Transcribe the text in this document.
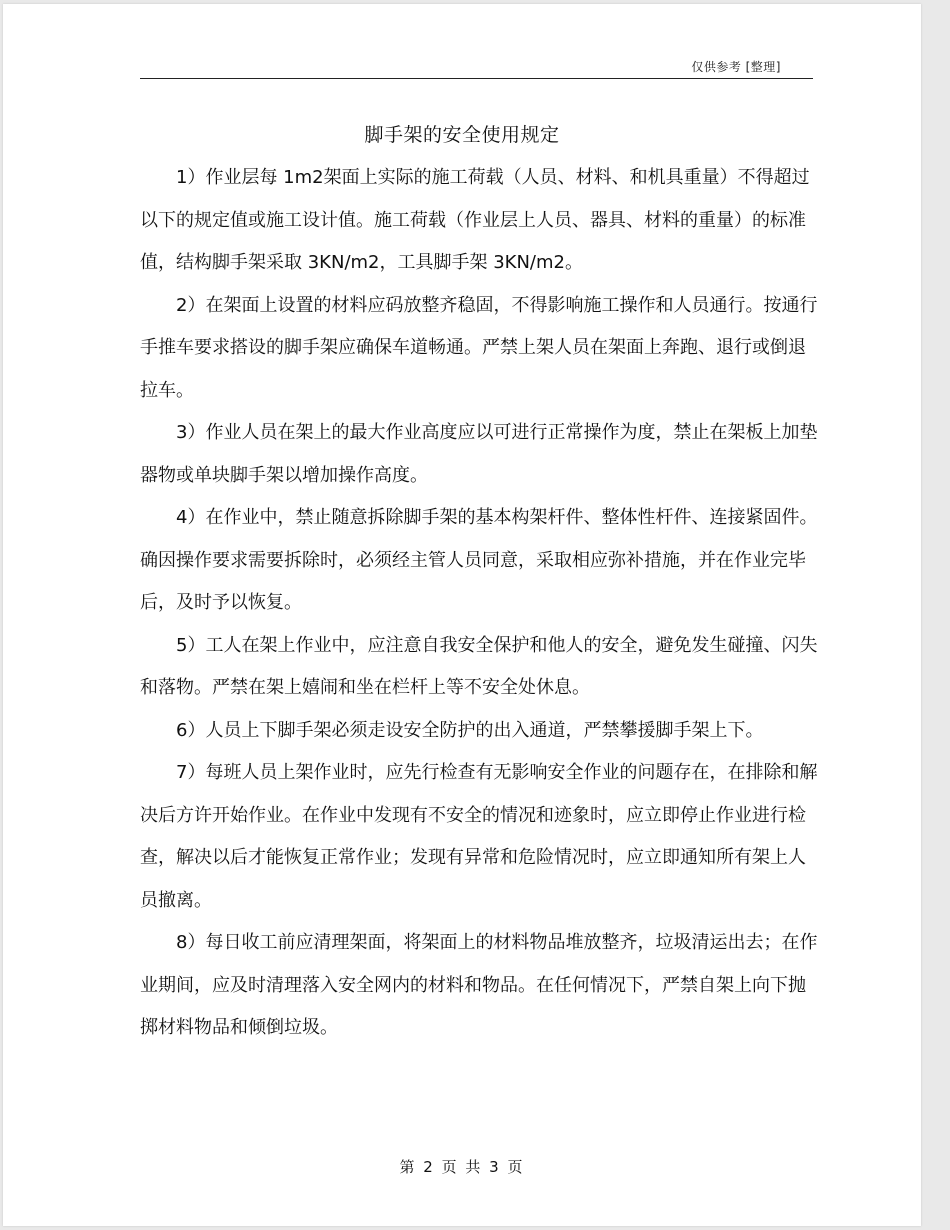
仅供参考 [整理]
脚手架的安全使用规定

1）作业层每 1m2架面上实际的施工荷载（人员、材料、和机具重量）不得超过以下的规定值或施工设计值。施工荷载（作业层上人员、器具、材料的重量）的标准值，结构脚手架采取 3KN/m2，工具脚手架 3KN/m2。

2）在架面上设置的材料应码放整齐稳固，不得影响施工操作和人员通行。按通行手推车要求搭设的脚手架应确保车道畅通。严禁上架人员在架面上奔跑、退行或倒退拉车。

3）作业人员在架上的最大作业高度应以可进行正常操作为度，禁止在架板上加垫器物或单块脚手架以增加操作高度。

4）在作业中，禁止随意拆除脚手架的基本构架杆件、整体性杆件、连接紧固件。确因操作要求需要拆除时，必须经主管人员同意，采取相应弥补措施，并在作业完毕后，及时予以恢复。

5）工人在架上作业中，应注意自我安全保护和他人的安全，避免发生碰撞、闪失和落物。严禁在架上嬉闹和坐在栏杆上等不安全处休息。

6）人员上下脚手架必须走设安全防护的出入通道，严禁攀援脚手架上下。

7）每班人员上架作业时，应先行检查有无影响安全作业的问题存在，在排除和解决后方许开始作业。在作业中发现有不安全的情况和迹象时，应立即停止作业进行检查，解决以后才能恢复正常作业；发现有异常和危险情况时，应立即通知所有架上人员撤离。

8）每日收工前应清理架面，将架面上的材料物品堆放整齐，垃圾清运出去；在作业期间，应及时清理落入安全网内的材料和物品。在任何情况下，严禁自架上向下抛掷材料物品和倾倒垃圾。

第 2 页 共 3 页
